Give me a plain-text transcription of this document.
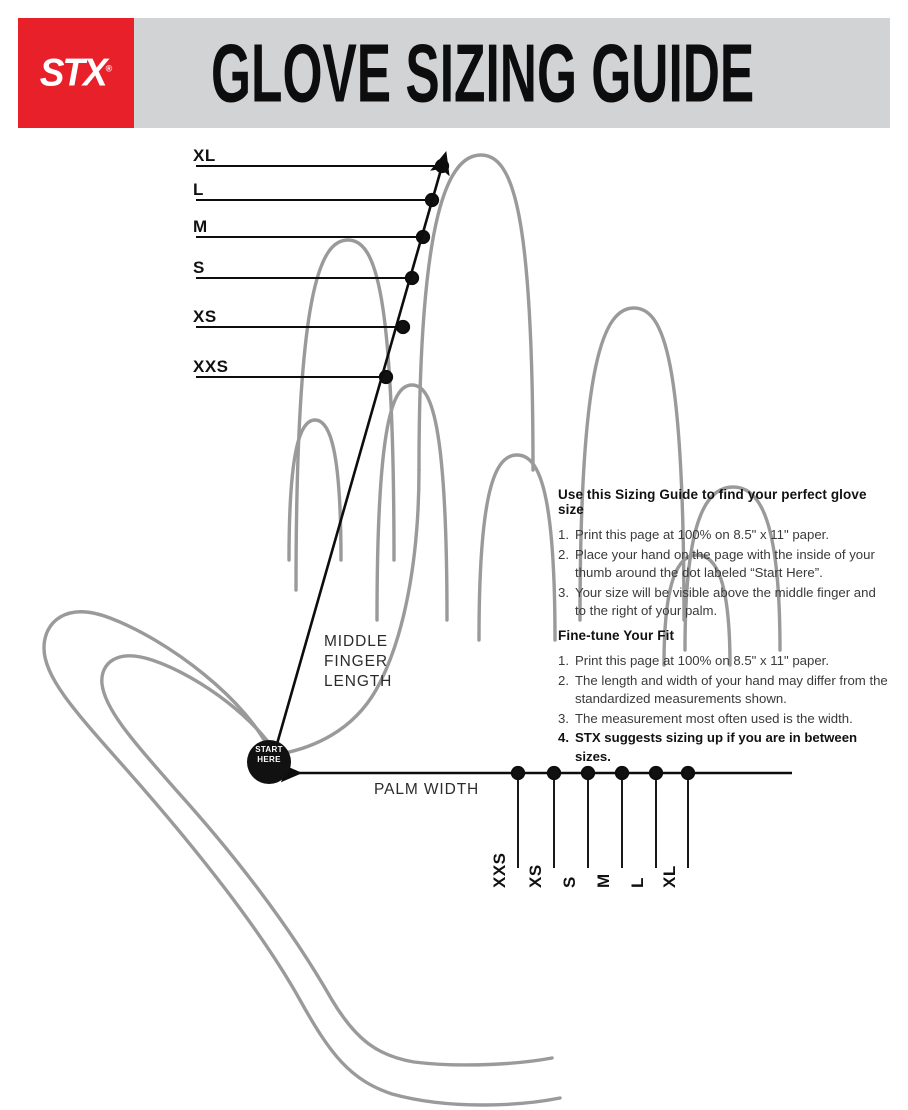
STX® GLOVE SIZING GUIDE
XL
L
M
S
XS
XXS
XXS XS S M L XL
MIDDLE
FINGER
LENGTH
PALM WIDTH
START
HERE
Use this Sizing Guide to find your perfect glove size
1. Print this page at 100% on 8.5" x 11" paper.
2. Place your hand on the page with the inside of your thumb around the dot labeled “Start Here”.
3. Your size will be visible above the middle finger and to the right of your palm.
Fine-tune Your Fit
1. Print this page at 100% on 8.5" x 11" paper.
2. The length and width of your hand may differ from the standardized measurements shown.
3. The measurement most often used is the width.
4. STX suggests sizing up if you are in between sizes.
